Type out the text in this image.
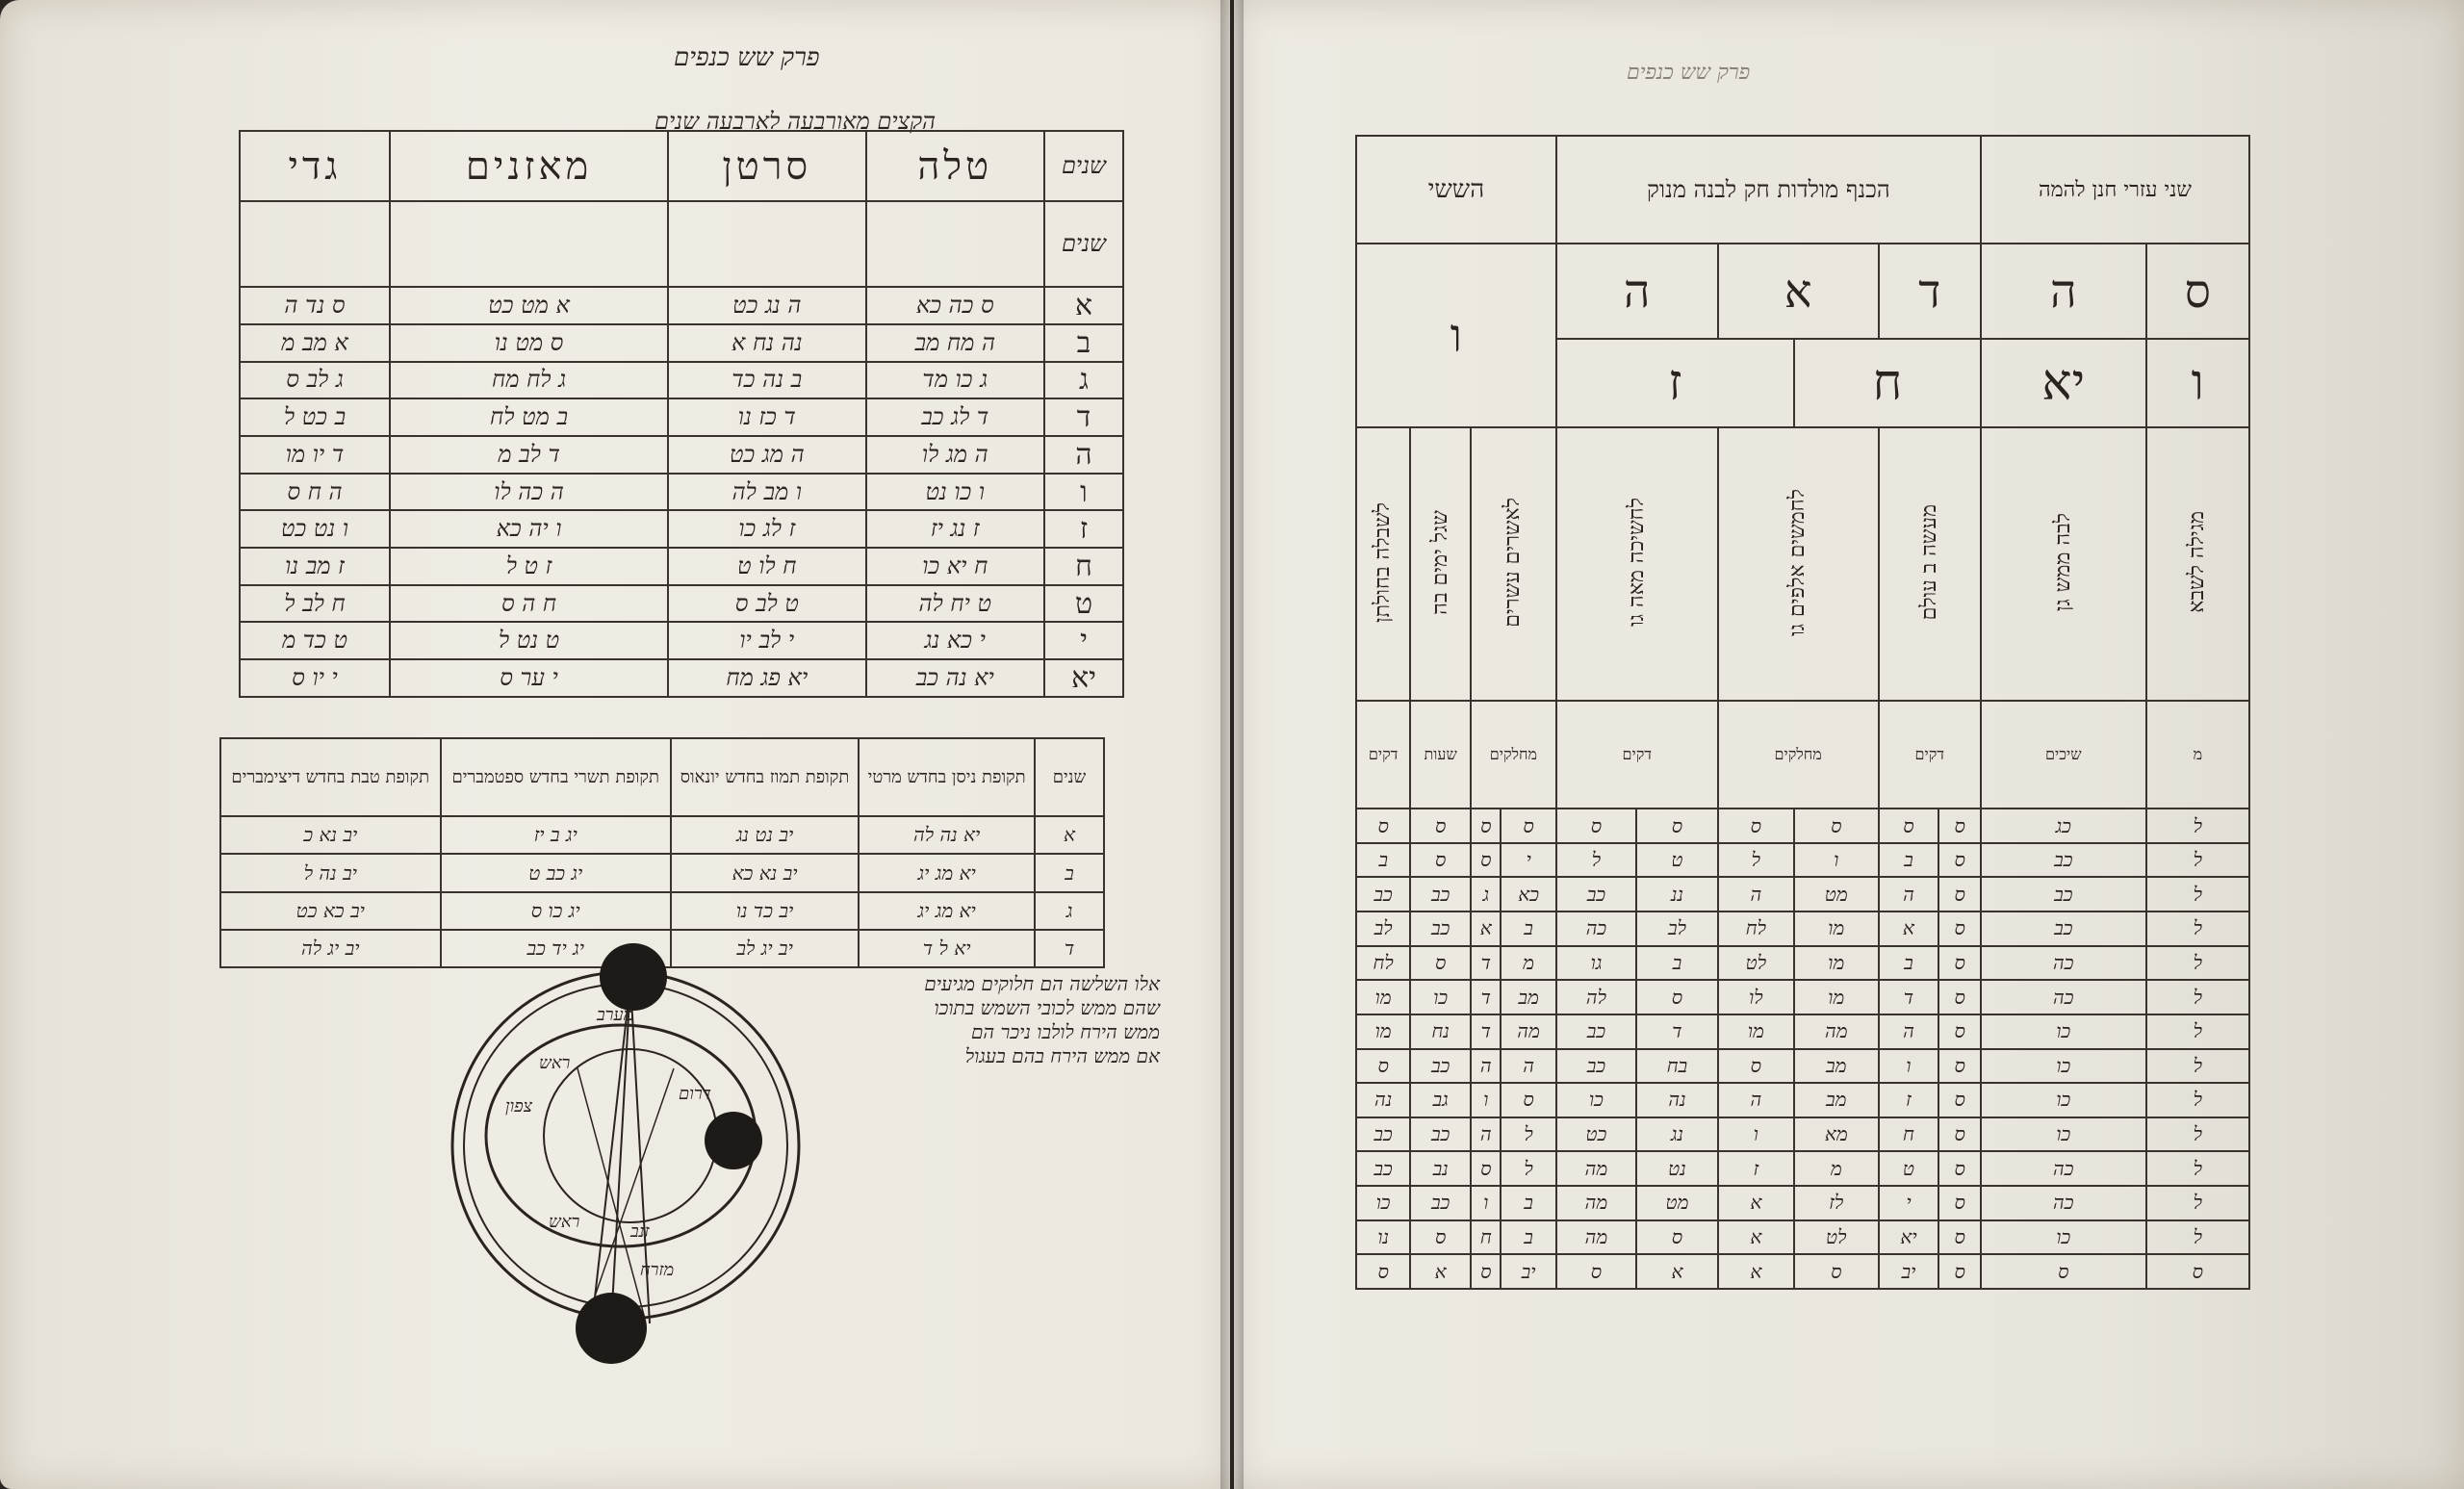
פרק שש כנפים
הקצים מאורבעה לארבעה שנים
שנים	טלה	סרטן	מאזנים	גדי
שנים				
א	ס כה כא	ה נג כט	א מט כט	ס נד ה
ב	ה מח מב	נה נח א	ס מט נו	א מב מ
ג	ג כו מד	ב נה כד	ג לח מח	ג לב ס
ד	ד לג כב	ד כז נו	ב מט לח	ב כט ל
ה	ה מג לו	ה מג כט	ד לב מ	ד יו מו
ו	ו כו נט	ו מב לה	ה כה לו	ה ח ס
ז	ז נג יז	ז לג כו	ו יה כא	ו נט כט
ח	ח יא כו	ח לו ט	ז ט ל	ז מב נו
ט	ט יח לה	ט לב ס	ח ה ס	ח לב ל
י	י כא נג	י לב יו	ט נט ל	ט כד מ
יא	יא נה כב	יא פג מח	י ער ס	י יו ס
שנים	תקופת ניסן בחדש מרטי	תקופת תמוז בחדש יונאוס	תקופת תשרי בחדש ספטמברים	תקופת טבת בחדש דיצימברים
א	יא נה לה	יב נט נג	יג ב יז	יב נא כ
ב	יא מג יג	יב נא כא	יג כב ט	יב נה ל
ג	יא מג יג	יב כד נו	יג כו ס	יב כא כט
ד	יא ל ד	יב יג לב	יג יד כב	יב יג לה
מערב
ראש
דרום
צפון
זנב
ראש
מזרח
אלו השלשה הם חלוקים מגיעים
שהם ממש לכובי השמש בתוכו
ממש הירח לולבו ניכר הם
אם ממש הירח בהם בעגול
פרק שש כנפים
שני עזרי חנן להמה		הכנף מולדות חק לבנה מנוק						הששי			
ס	ה	ד		א		ה		ו			
ו	יא	ח			ז						
מגילה לשבא	לבה ממש גן	מעשה ב עולם		לחמשים אלפים גו		לחשיכה מאה גו		לאשרים עשרים		שגל ימים בה	לשבלה בחולתן
מ	שיכים	דקים		מחלקים		דקים		מחלקים		שעות	דקים
ל	כג	ס	ס	ס	ס	ס	ס	ס	ס	ס	ס
ל	כב	ס	ב	ו	ל	ט	ל	י	ס	ס	ב
ל	כב	ס	ה	מט	ה	ננ	כב	כא	ג	כב	כב
ל	כב	ס	א	מו	לח	לב	כה	ב	א	כב	לב
ל	כה	ס	ב	מו	לט	ב	גו	מ	ד	ס	לח
ל	כה	ס	ד	מו	לו	ס	לה	מב	ד	כו	מו
ל	כו	ס	ה	מה	מו	ד	כב	מה	ד	נח	מו
ל	כו	ס	ו	מב	ס	בח	כב	ה	ה	כב	ס
ל	כו	ס	ז	מב	ה	נה	כו	ס	ו	גב	נה
ל	כו	ס	ח	מא	ו	נג	כט	ל	ה	כב	כב
ל	כה	ס	ט	מ	ז	נט	מה	ל	ס	נב	כב
ל	כה	ס	י	לז	א	מט	מה	ב	ו	כב	כו
ל	כו	ס	יא	לט	א	ס	מה	ב	ח	ס	נו
ס	ס	ס	יב	ס	א	א	ס	יב	ס	א	ס
